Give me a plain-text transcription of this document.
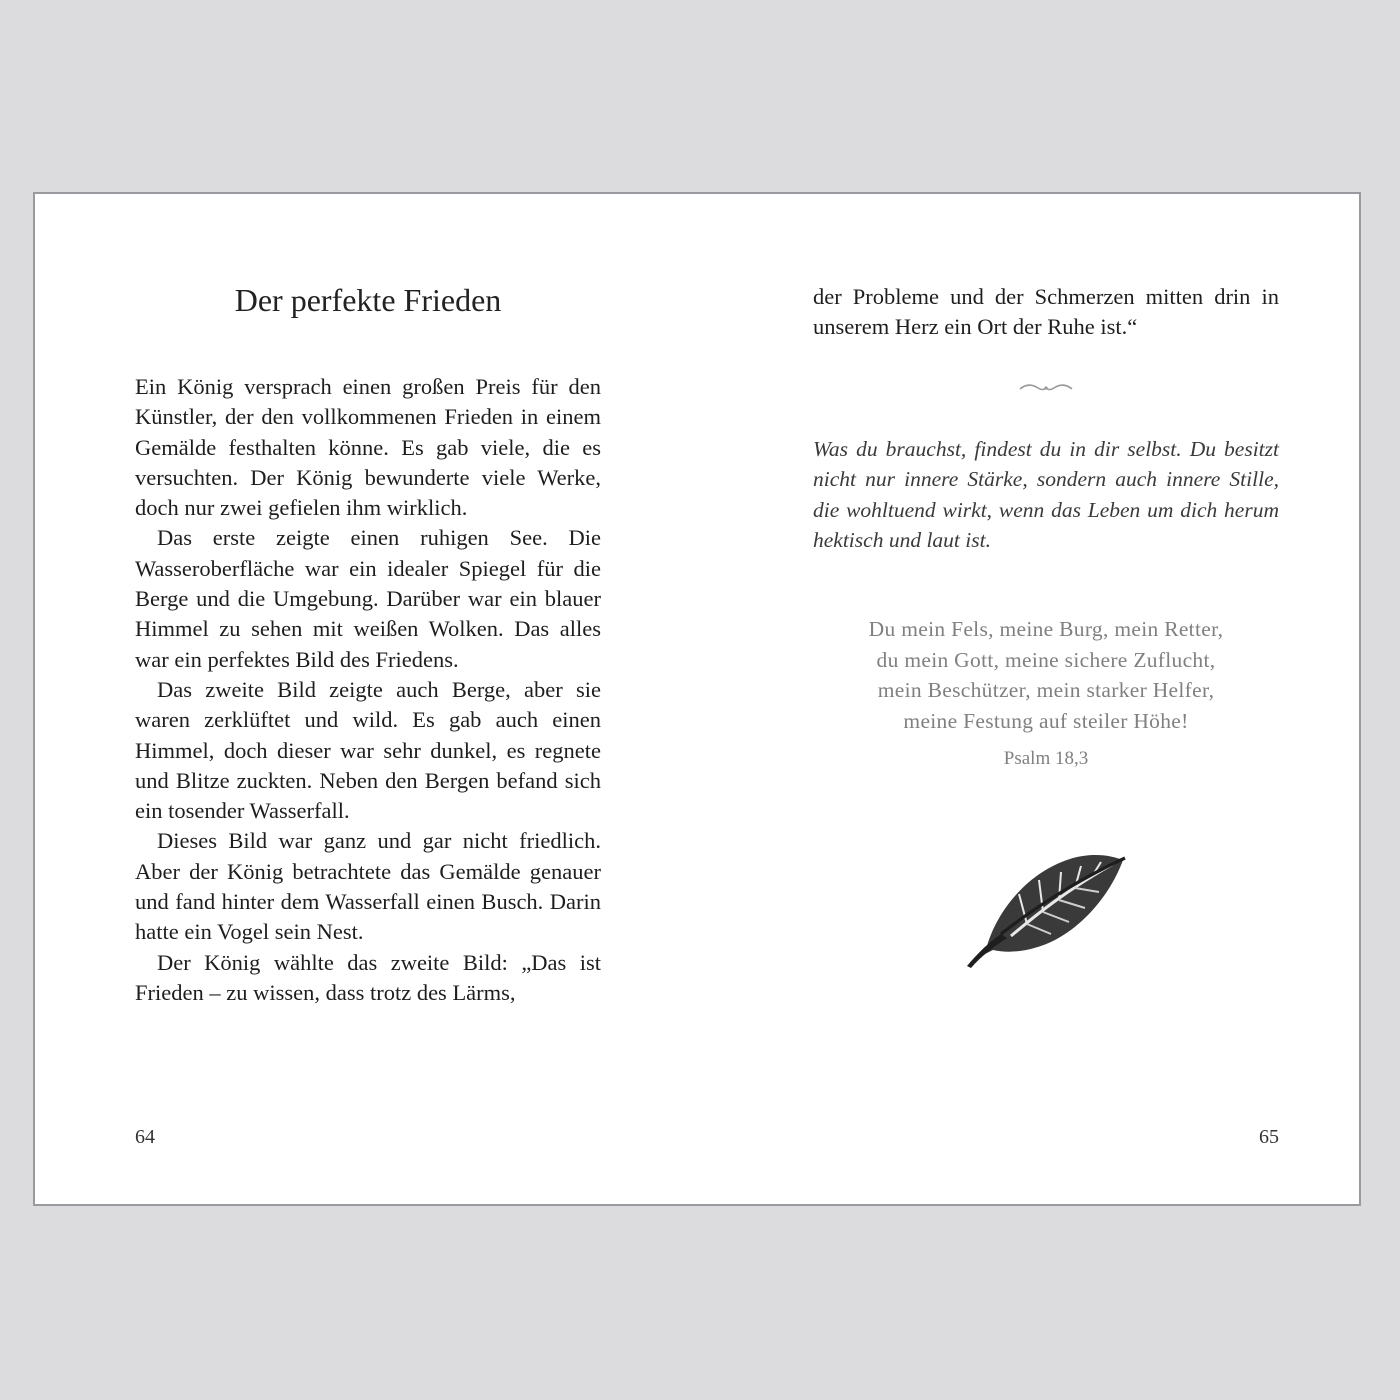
Der perfekte Frieden

Ein König versprach einen großen Preis für den Künstler, der den vollkommenen Frieden in einem Gemälde festhalten könne. Es gab viele, die es versuchten. Der König bewunderte viele Werke, doch nur zwei gefielen ihm wirklich.

Das erste zeigte einen ruhigen See. Die Wasseroberfläche war ein idealer Spiegel für die Berge und die Umgebung. Darüber war ein blauer Himmel zu sehen mit weißen Wolken. Das alles war ein perfektes Bild des Friedens.

Das zweite Bild zeigte auch Berge, aber sie waren zerklüftet und wild. Es gab auch einen Himmel, doch dieser war sehr dunkel, es regnete und Blitze zuckten. Neben den Bergen befand sich ein tosender Wasserfall.

Dieses Bild war ganz und gar nicht friedlich. Aber der König betrachtete das Gemälde genauer und fand hinter dem Wasserfall einen Busch. Darin hatte ein Vogel sein Nest.

Der König wählte das zweite Bild: „Das ist Frieden – zu wissen, dass trotz des Lärms,

64

der Probleme und der Schmerzen mitten drin in unserem Herz ein Ort der Ruhe ist.“

Was du brauchst, findest du in dir selbst. Du besitzt nicht nur innere Stärke, sondern auch innere Stille, die wohltuend wirkt, wenn das Leben um dich herum hektisch und laut ist.

Du mein Fels, meine Burg, mein Retter,
du mein Gott, meine sichere Zuflucht,
mein Beschützer, mein starker Helfer,
meine Festung auf steiler Höhe!
Psalm 18,3
65
